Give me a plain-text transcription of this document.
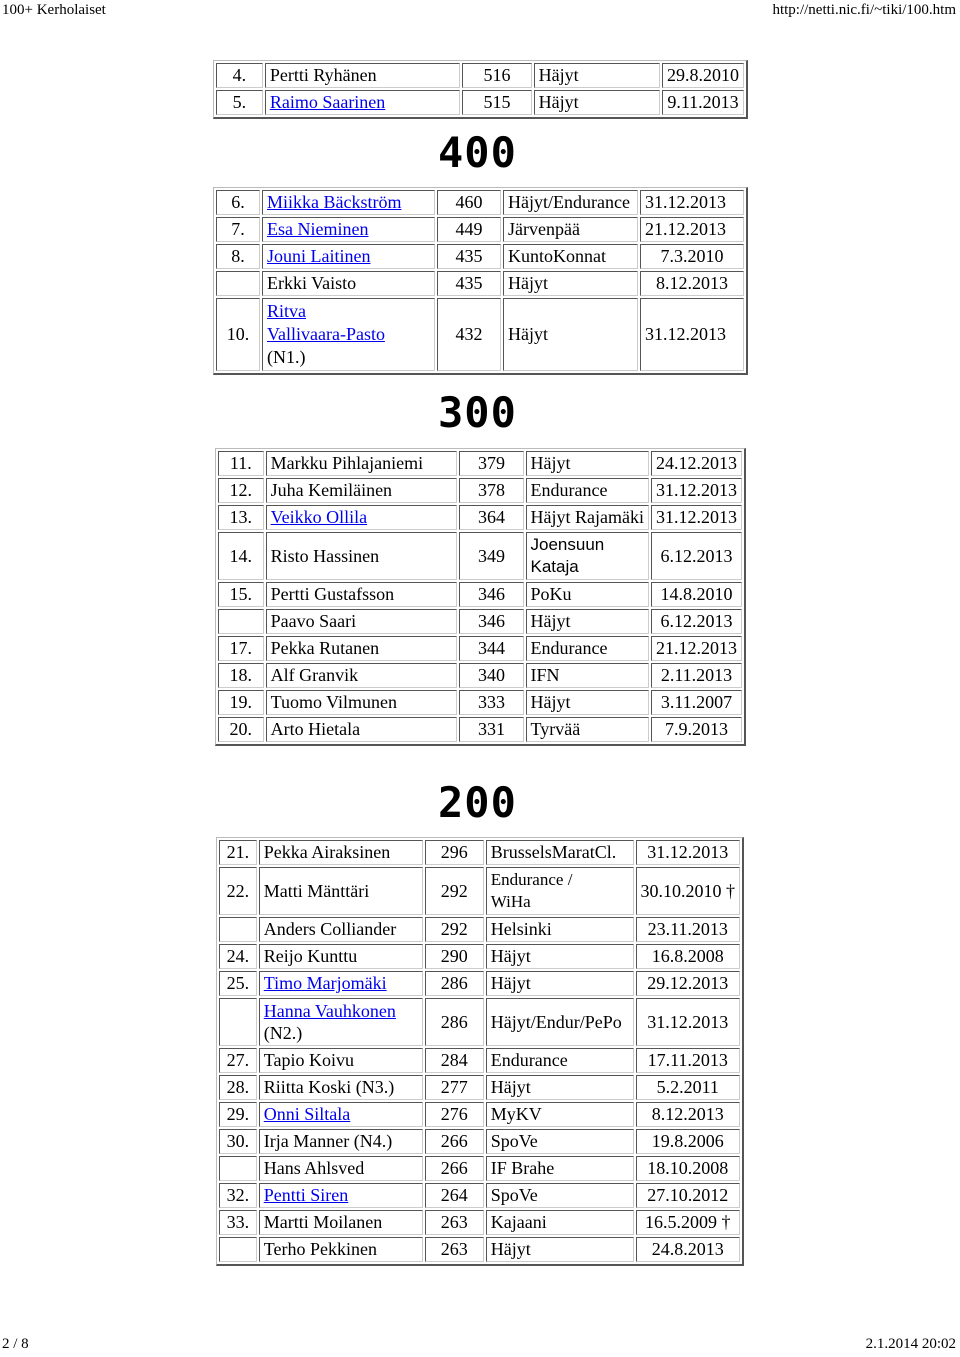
100+ Kerholaiset	http://netti.nic.fi/~tiki/100.htm
4.	Pertti Ryhänen	516	Häjyt	29.8.2010
5.	Raimo Saarinen	515	Häjyt	9.11.2013
400
6.	Miikka Bäckström	460	Häjyt/Endurance	31.12.2013
7.	Esa Nieminen	449	Järvenpää	21.12.2013
8.	Jouni Laitinen	435	KuntoKonnat	7.3.2010
	Erkki Vaisto	435	Häjyt	8.12.2013
10.	Ritva
Vallivaara-Pasto
(N1.)	432	Häjyt	31.12.2013
300
11.	Markku Pihlajaniemi	379	Häjyt	24.12.2013
12.	Juha Kemiläinen	378	Endurance	31.12.2013
13.	Veikko Ollila	364	Häjyt Rajamäki	31.12.2013
14.	Risto Hassinen	349	Joensuun
Kataja	6.12.2013
15.	Pertti Gustafsson	346	PoKu	14.8.2010
	Paavo Saari	346	Häjyt	6.12.2013
17.	Pekka Rutanen	344	Endurance	21.12.2013
18.	Alf Granvik	340	IFN	2.11.2013
19.	Tuomo Vilmunen	333	Häjyt	3.11.2007
20.	Arto Hietala	331	Tyrvää	7.9.2013
200
21.	Pekka Airaksinen	296	BrusselsMaratCl.	31.12.2013
22.	Matti Mänttäri	292	Endurance /
WiHa	30.10.2010 †
	Anders Colliander	292	Helsinki	23.11.2013
24.	Reijo Kunttu	290	Häjyt	16.8.2008
25.	Timo Marjomäki	286	Häjyt	29.12.2013
	Hanna Vauhkonen
(N2.)	286	Häjyt/Endur/PePo	31.12.2013
27.	Tapio Koivu	284	Endurance	17.11.2013
28.	Riitta Koski (N3.)	277	Häjyt	5.2.2011
29.	Onni Siltala	276	MyKV	8.12.2013
30.	Irja Manner (N4.)	266	SpoVe	19.8.2006
	Hans Ahlsved	266	IF Brahe	18.10.2008
32.	Pentti Siren	264	SpoVe	27.10.2012
33.	Martti Moilanen	263	Kajaani	16.5.2009 †
	Terho Pekkinen	263	Häjyt	24.8.2013
2 / 8	2.1.2014 20:02
